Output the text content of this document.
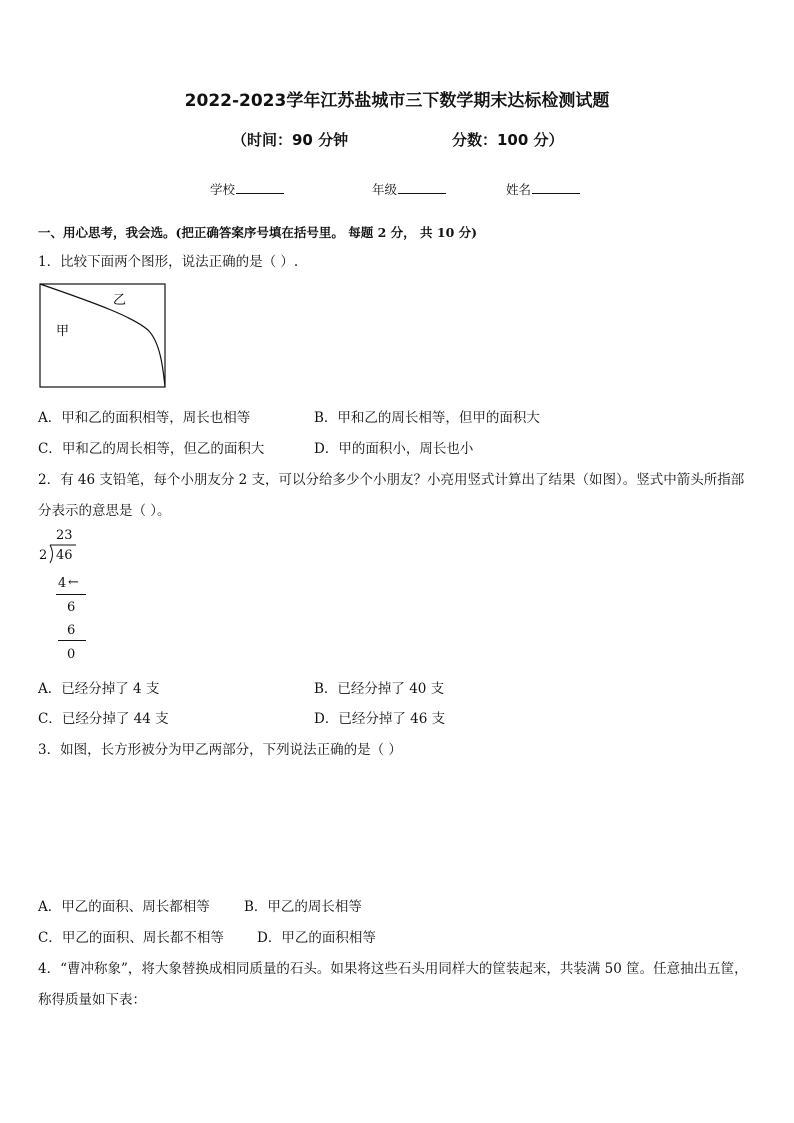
2022-2023学年江苏盐城市三下数学期末达标检测试题
（时间：90 分钟	分数：100 分）
学校	年级	姓名
一、用心思考，我会选。(把正确答案序号填在括号里。 每题 2 分， 共 10 分)
1．比较下面两个图形，说法正确的是（ ）.
甲
乙
A．甲和乙的面积相等，周长也相等	B．甲和乙的周长相等，但甲的面积大
C．甲和乙的周长相等，但乙的面积大	D．甲的面积小，周长也小
2．有 46 支铅笔，每个小朋友分 2 支，可以分给多少个小朋友？小亮用竖式计算出了结果（如图）。竖式中箭头所指部
分表示的意思是（ ）。
23
2 46
4 ←
6
6
0
A．已经分掉了 4 支	B．已经分掉了 40 支
C．已经分掉了 44 支	D．已经分掉了 46 支
3．如图，长方形被分为甲乙两部分，下列说法正确的是（ ）
A．甲乙的面积、周长都相等	B．甲乙的周长相等
C．甲乙的面积、周长都不相等 D．甲乙的面积相等
4．“曹冲称象”，将大象替换成相同质量的石头。如果将这些石头用同样大的筐装起来，共装满 50 筐。任意抽出五筐，
称得质量如下表：
